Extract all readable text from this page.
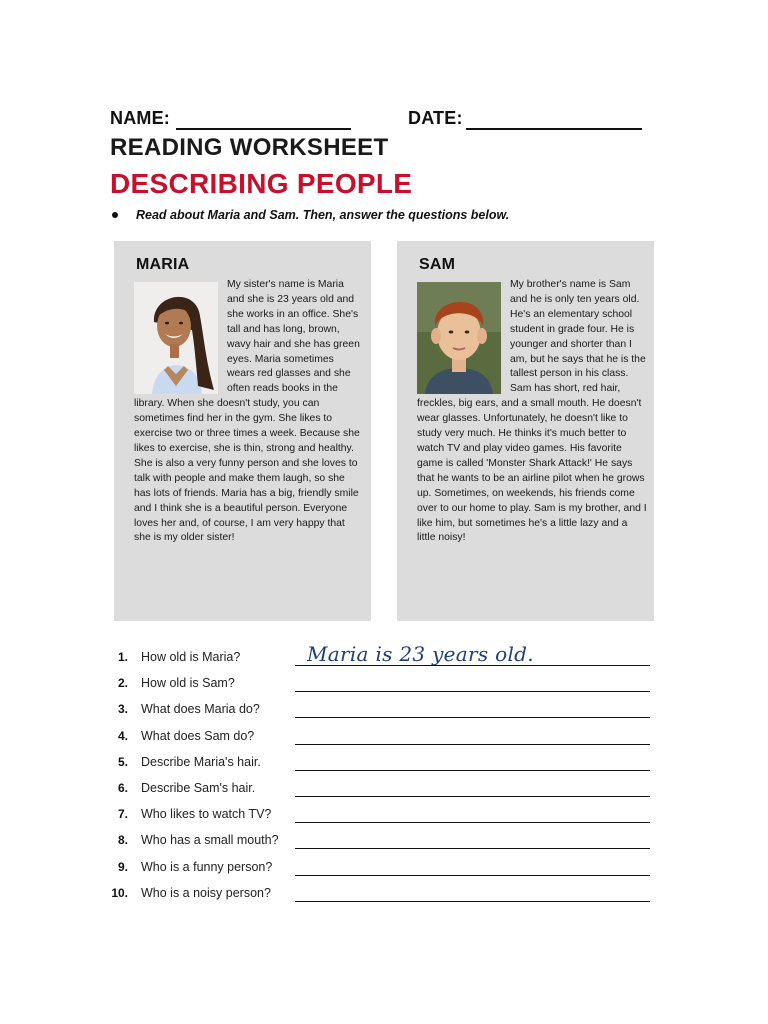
NAME:	DATE:
READING WORKSHEET
DESCRIBING PEOPLE
Read about Maria and Sam. Then, answer the questions below.
MARIA
My sister's name is Maria and she is 23 years old and she works in an office. She's tall and has long, brown, wavy hair and she has green eyes. Maria sometimes wears red glasses and she often reads books in the library. When she doesn't study, you can sometimes find her in the gym. She likes to exercise two or three times a week. Because she likes to exercise, she is thin, strong and healthy. She is also a very funny person and she loves to talk with people and make them laugh, so she has lots of friends. Maria has a big, friendly smile and I think she is a beautiful person. Everyone loves her and, of course, I am very happy that she is my older sister!
SAM
My brother's name is Sam and he is only ten years old. He's an elementary school student in grade four. He is younger and shorter than I am, but he says that he is the tallest person in his class. Sam has short, red hair, freckles, big ears, and a small mouth. He doesn't wear glasses. Unfortunately, he doesn't like to study very much. He thinks it's much better to watch TV and play video games. His favorite game is called 'Monster Shark Attack!' He says that he wants to be an airline pilot when he grows up. Sometimes, on weekends, his friends come over to our home to play. Sam is my brother, and I like him, but sometimes he's a little lazy and a little noisy!
1. How old is Maria?	Maria is 23 years old.
2. How old is Sam?
3. What does Maria do?
4. What does Sam do?
5. Describe Maria's hair.
6. Describe Sam's hair.
7. Who likes to watch TV?
8. Who has a small mouth?
9. Who is a funny person?
10. Who is a noisy person?
